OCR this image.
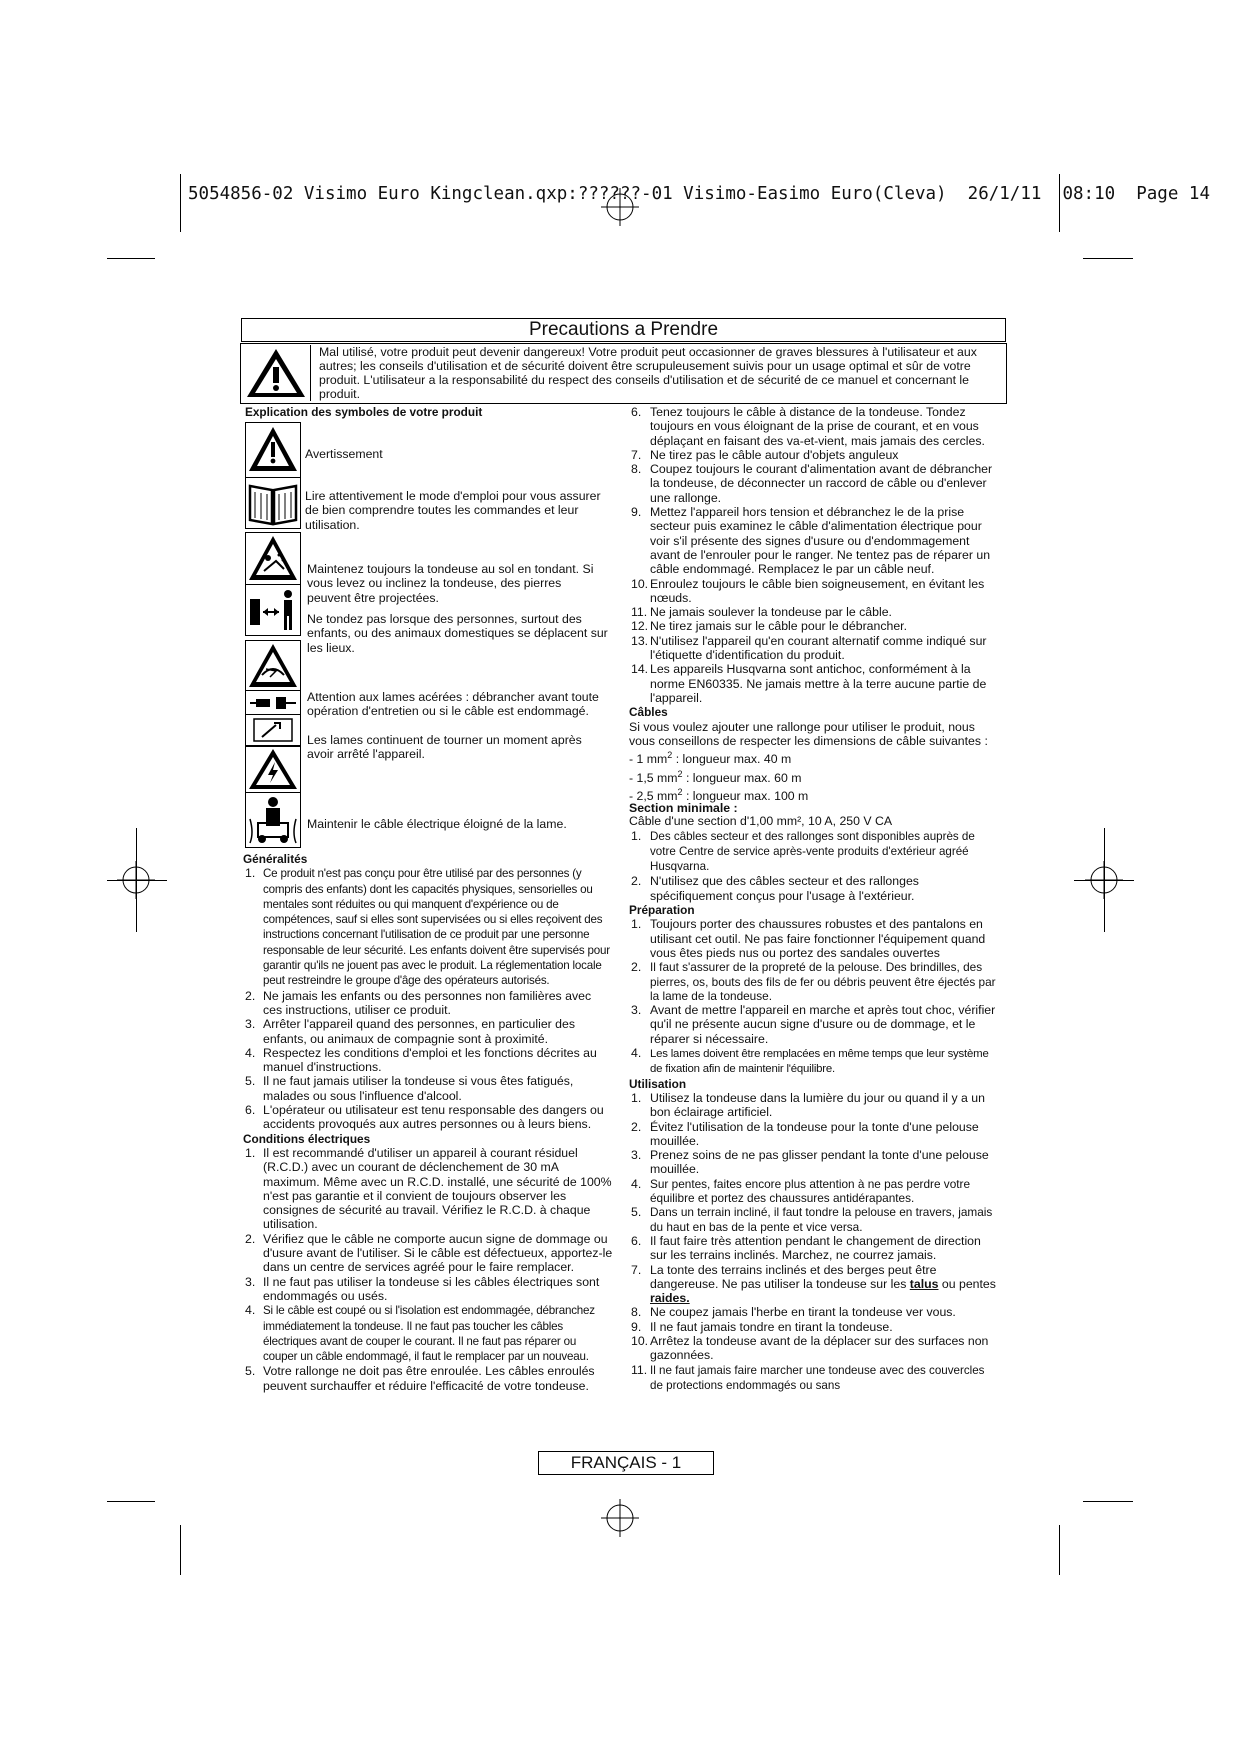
5054856-02 Visimo Euro Kingclean.qxp:??????-01 Visimo-Easimo Euro(Cleva)  26/1/11  08:10  Page 14
Precautions a Prendre
Mal utilisé, votre produit peut devenir dangereux! Votre produit peut occasionner de graves blessures à l'utilisateur et aux autres; les conseils d'utilisation et de sécurité doivent être scrupuleusement suivis pour un usage optimal et sûr de votre produit. L'utilisateur a la responsabilité du respect des conseils d'utilisation et de sécurité de ce manuel et concernant le produit.
Explication des symboles de votre produit
Avertissement
Lire attentivement le mode d'emploi pour vous assurer de bien comprendre toutes les commandes et leur utilisation.
Maintenez toujours la tondeuse au sol en tondant. Si vous levez ou inclinez la tondeuse, des pierres peuvent être projectées.
Ne tondez pas lorsque des personnes, surtout des enfants, ou des animaux domestiques se déplacent sur les lieux.
Attention aux lames acérées : débrancher avant toute opération d'entretien ou si le câble est endommagé.
Les lames continuent de tourner un moment après avoir arrêté l'appareil.
Maintenir le câble électrique éloigné de la lame.
Généralités
1. Ce produit n'est pas conçu pour être utilisé par des personnes (y compris des enfants) dont les capacités physiques, sensorielles ou mentales sont réduites ou qui manquent d'expérience ou de compétences, sauf si elles sont supervisées ou si elles reçoivent des instructions concernant l'utilisation de ce produit par une personne responsable de leur sécurité. Les enfants doivent être supervisés pour garantir qu'ils ne jouent pas avec le produit. La réglementation locale peut restreindre le groupe d'âge des opérateurs autorisés.
2. Ne jamais les enfants ou des personnes non familières avec ces instructions, utiliser ce produit.
3. Arrêter l'appareil quand des personnes, en particulier des enfants, ou animaux de compagnie sont à proximité.
4. Respectez les conditions d'emploi et les fonctions décrites au manuel d'instructions.
5. Il ne faut jamais utiliser la tondeuse si vous êtes fatigués, malades ou sous l'influence d'alcool.
6. L'opérateur ou utilisateur est tenu responsable des dangers ou accidents provoqués aux autres personnes ou à leurs biens.
Conditions électriques
1. Il est recommandé d'utiliser un appareil à courant résiduel (R.C.D.) avec un courant de déclenchement de 30 mA maximum. Même avec un R.C.D. installé, une sécurité de 100% n'est pas garantie et il convient de toujours observer les consignes de sécurité au travail. Vérifiez le R.C.D. à chaque utilisation.
2. Vérifiez que le câble ne comporte aucun signe de dommage ou d'usure avant de l'utiliser. Si le câble est défectueux, apportez-le dans un centre de services agréé pour le faire remplacer.
3. Il ne faut pas utiliser la tondeuse si les câbles électriques sont endommagés ou usés.
4. Si le câble est coupé ou si l'isolation est endommagée, débranchez immédiatement la tondeuse. Il ne faut pas toucher les câbles électriques avant de couper le courant. Il ne faut pas réparer ou couper un câble endommagé, il faut le remplacer par un nouveau.
5. Votre rallonge ne doit pas être enroulée. Les câbles enroulés peuvent surchauffer et réduire l'efficacité de votre tondeuse.
6. Tenez toujours le câble à distance de la tondeuse. Tondez toujours en vous éloignant de la prise de courant, et en vous déplaçant en faisant des va-et-vient, mais jamais des cercles.
7. Ne tirez pas le câble autour d'objets anguleux
8. Coupez toujours le courant d'alimentation avant de débrancher la tondeuse, de déconnecter un raccord de câble ou d'enlever une rallonge.
9. Mettez l'appareil hors tension et débranchez le de la prise secteur puis examinez le câble d'alimentation électrique pour voir s'il présente des signes d'usure ou d'endommagement avant de l'enrouler pour le ranger. Ne tentez pas de réparer un câble endommagé. Remplacez le par un câble neuf.
10. Enroulez toujours le câble bien soigneusement, en évitant les nœuds.
11. Ne jamais soulever la tondeuse par le câble.
12. Ne tirez jamais sur le câble pour le débrancher.
13. N'utilisez l'appareil qu'en courant alternatif comme indiqué sur l'étiquette d'identification du produit.
14. Les appareils Husqvarna sont antichoc, conformément à la norme EN60335. Ne jamais mettre à la terre aucune partie de l'appareil.
Câbles
Si vous voulez ajouter une rallonge pour utiliser le produit, nous vous conseillons de respecter les dimensions de câble suivantes :
- 1 $mm^2$ : longueur max. 40 m
- 1,5 $mm^2$ : longueur max. 60 m
- 2,5 $mm^2$ : longueur max. 100 m
Section minimale :
Câble d'une section d'1,00 mm², 10 A, 250 V CA
1. Des câbles secteur et des rallonges sont disponibles auprès de votre Centre de service après-vente produits d'extérieur agréé Husqvarna.
2. N'utilisez que des câbles secteur et des rallonges spécifiquement conçus pour l'usage à l'extérieur.
Préparation
1. Toujours porter des chaussures robustes et des pantalons en utilisant cet outil. Ne pas faire fonctionner l'équipement quand vous êtes pieds nus ou portez des sandales ouvertes
2. Il faut s'assurer de la propreté de la pelouse. Des brindilles, des pierres, os, bouts des fils de fer ou débris peuvent être éjectés par la lame de la tondeuse.
3. Avant de mettre l'appareil en marche et après tout choc, vérifier qu'il ne présente aucun signe d'usure ou de dommage, et le réparer si nécessaire.
4. Les lames doivent être remplacées en même temps que leur système de fixation afin de maintenir l'équilibre.
Utilisation
1. Utilisez la tondeuse dans la lumière du jour ou quand il y a un bon éclairage artificiel.
2. Évitez l'utilisation de la tondeuse pour la tonte d'une pelouse mouillée.
3. Prenez soins de ne pas glisser pendant la tonte d'une pelouse mouillée.
4. Sur pentes, faites encore plus attention à ne pas perdre votre équilibre et portez des chaussures antidérapantes.
5. Dans un terrain incliné, il faut tondre la pelouse en travers, jamais du haut en bas de la pente et vice versa.
6. Il faut faire très attention pendant le changement de direction sur les terrains inclinés. Marchez, ne courrez jamais.
7. La tonte des terrains inclinés et des berges peut être dangereuse. Ne pas utiliser la tondeuse sur les talus ou pentes raides.
8. Ne coupez jamais l'herbe en tirant la tondeuse ver vous.
9. Il ne faut jamais tondre en tirant la tondeuse.
10. Arrêtez la tondeuse avant de la déplacer sur des surfaces non gazonnées.
11. Il ne faut jamais faire marcher une tondeuse avec des couvercles de protections endommagés ou sans
FRANÇAIS - 1
